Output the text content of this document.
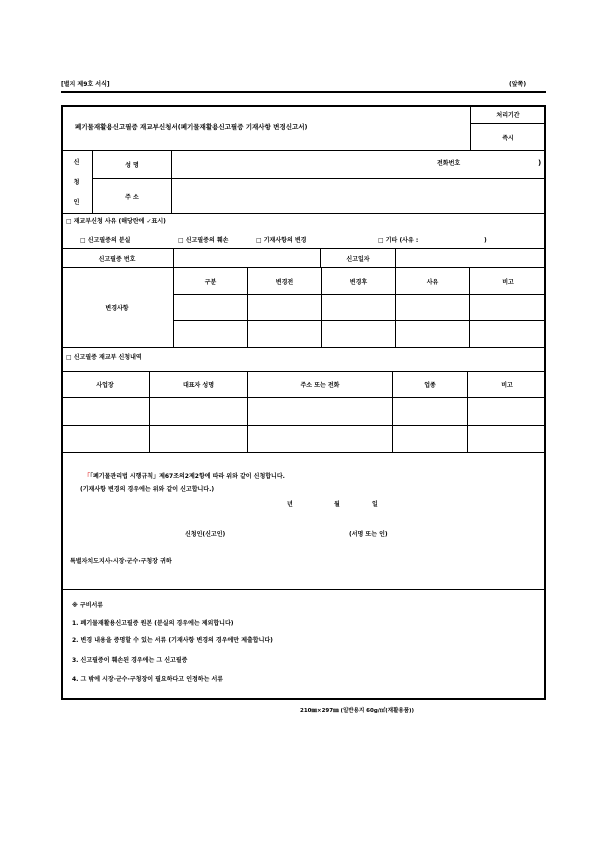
[별지 제9호 서식]	(앞쪽)
폐기물재활용신고필증 재교부신청서(폐기물재활용신고필증 기재사항 변경신고서)
처리기간
즉시
신
청
인
성 명	전화번호	)
주 소
□ 재교부신청 사유 (해당란에 ✓표시)
□ 신고필증의 분실	□ 신고필증의 훼손	□ 기재사항의 변경	□ 기타 (사유 :	)
신고필증 번호	신고일자
변경사항
구분	변경전	변경후	사유	비고
□ 신고필증 재교부 신청내역
사업장	대표자 성명	주소 또는 전화	업종	비고
「「폐기물관리법 시행규칙」제67조의2제2항에 따라 위와 같이 신청합니다.
(기재사항 변경의 경우에는 위와 같이 신고합니다.)
년	월	일
신청인(신고인)	(서명 또는 인)
특별자치도지사·시장·군수·구청장 귀하
※ 구비서류
1. 폐기물재활용신고필증 원본 (분실의 경우에는 제외합니다)
2. 변경 내용을 증명할 수 있는 서류 (기재사항 변경의 경우에만 제출합니다)
3. 신고필증이 훼손된 경우에는 그 신고필증
4. 그 밖에 시장·군수·구청장이 필요하다고 인정하는 서류
210㎜×297㎜ (일반용지 60g/㎡(재활용품))
